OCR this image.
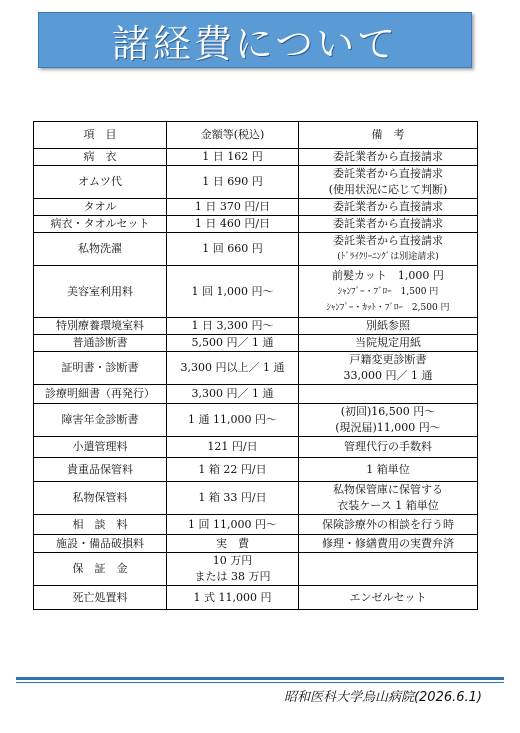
諸経費について
項　目	金額等(税込)	備　考
病　衣	1 日 162 円	委託業者から直接請求

オムツ代	1 日 690 円	委託業者から直接請求
(使用状況に応じて判断)

タオル	1 日 370 円/日	委託業者から直接請求

病衣・タオルセット	1 日 460 円/日	委託業者から直接請求

私物洗濯	1 回 660 円	委託業者から直接請求
(ﾄﾞﾗｲｸﾘｰﾆﾝｸﾞは別途請求)

美容室利用料	1 回 1,000 円～	前髪カット　1,000 円
ｼｬﾝﾌﾟｰ・ﾌﾞﾛｰ　1,500 円
ｼｬﾝﾌﾟｰ・ｶｯﾄ・ﾌﾞﾛｰ　2,500 円

特別療養環境室料	1 日 3,300 円～	別紙参照

普通診断書	5,500 円／ 1 通	当院規定用紙

証明書・診断書	3,300 円以上／ 1 通	戸籍変更診断書
33,000 円／ 1 通

診療明細書（再発行）	3,300 円／ 1 通	
障害年金診断書	1 通 11,000 円～	(初回)16,500 円～
(現況届)11,000 円～

小遣管理料	121 円/日	管理代行の手数料

貴重品保管料	1 箱 22 円/日	1 箱単位

私物保管料	1 箱 33 円/日	私物保管庫に保管する
衣装ケース 1 箱単位

相　談　料	1 回 11,000 円～	保険診療外の相談を行う時

施設・備品破損料	実　費	修理・修繕費用の実費弁済

保　証　金	10 万円
または 38 万円	
死亡処置料	1 式 11,000 円	エンゼルセット
昭和医科大学烏山病院(2026.6.1)
